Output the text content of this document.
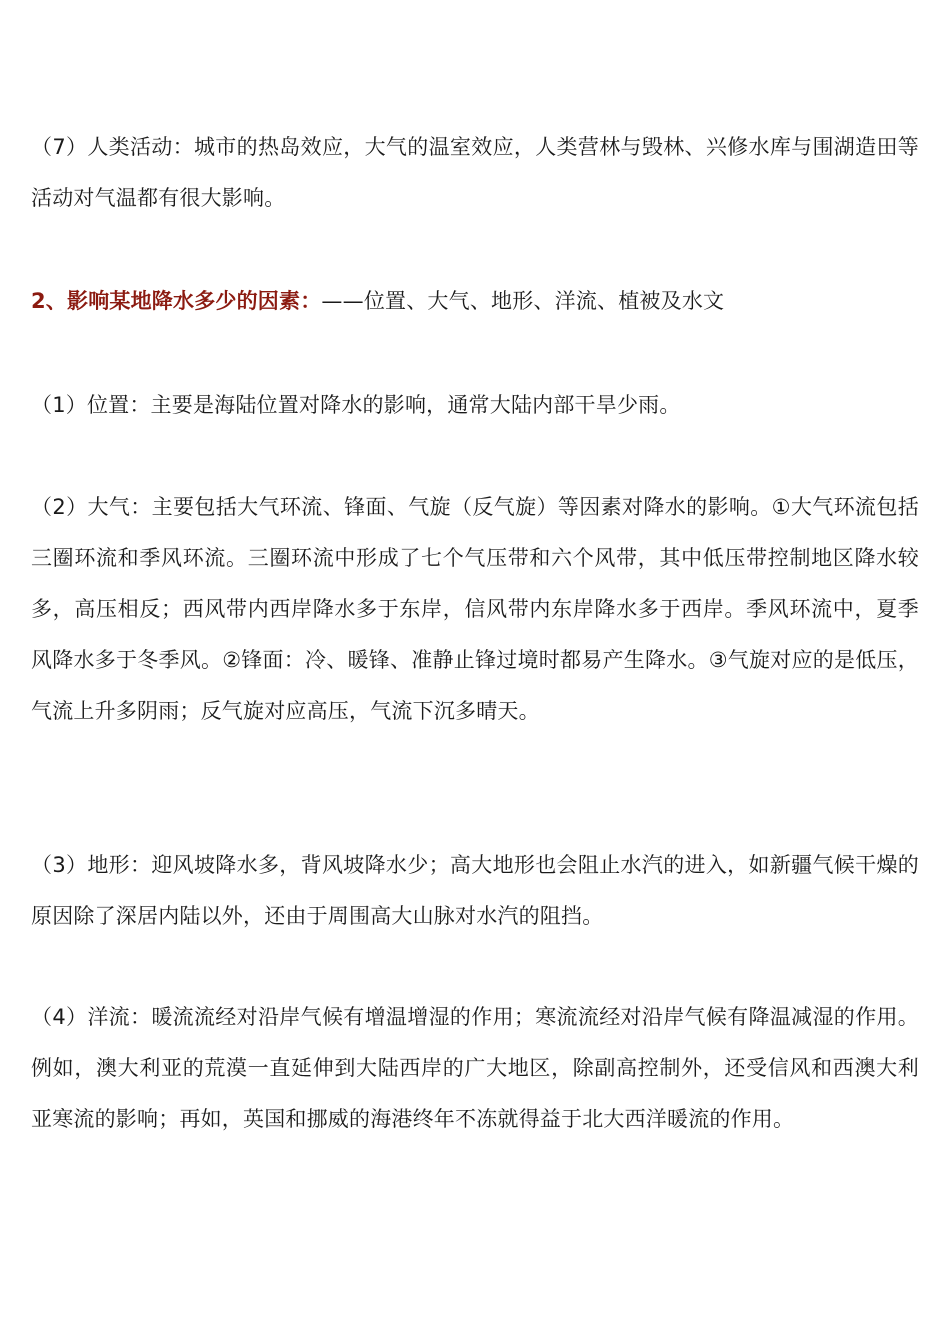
（7）人类活动：城市的热岛效应，大气的温室效应，人类营林与毁林、兴修水库与围湖造田等活动对气温都有很大影响。

2、影响某地降水多少的因素：——位置、大气、地形、洋流、植被及水文

（1）位置：主要是海陆位置对降水的影响，通常大陆内部干旱少雨。

（2）大气：主要包括大气环流、锋面、气旋（反气旋）等因素对降水的影响。①大气环流包括三圈环流和季风环流。三圈环流中形成了七个气压带和六个风带，其中低压带控制地区降水较多，高压相反；西风带内西岸降水多于东岸，信风带内东岸降水多于西岸。季风环流中，夏季风降水多于冬季风。②锋面：冷、暖锋、准静止锋过境时都易产生降水。③气旋对应的是低压，气流上升多阴雨；反气旋对应高压，气流下沉多晴天。

（3）地形：迎风坡降水多，背风坡降水少；高大地形也会阻止水汽的进入，如新疆气候干燥的原因除了深居内陆以外，还由于周围高大山脉对水汽的阻挡。

（4）洋流：暖流流经对沿岸气候有增温增湿的作用；寒流流经对沿岸气候有降温减湿的作用。例如，澳大利亚的荒漠一直延伸到大陆西岸的广大地区，除副高控制外，还受信风和西澳大利亚寒流的影响；再如，英国和挪威的海港终年不冻就得益于北大西洋暖流的作用。
